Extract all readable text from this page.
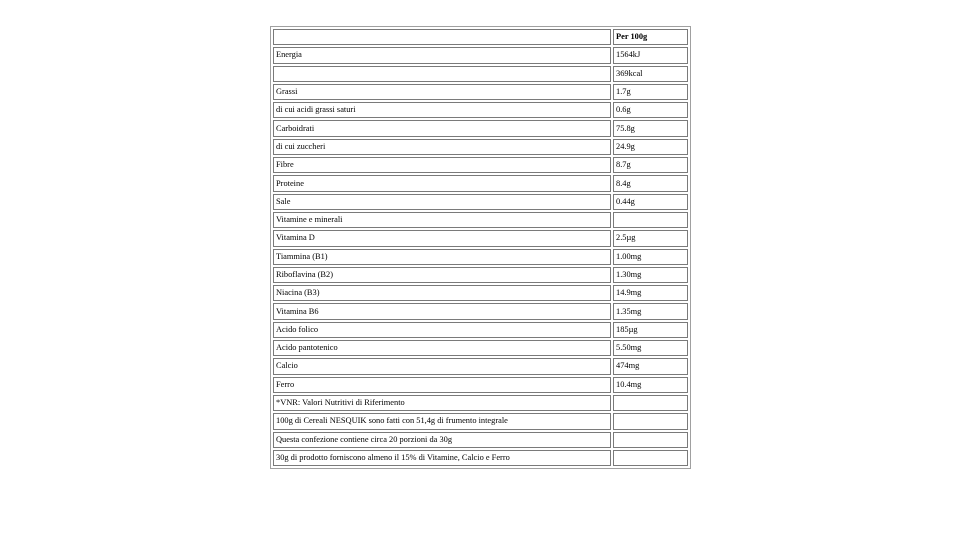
	Per 100g
Energia	1564kJ
	369kcal
Grassi	1.7g
di cui acidi grassi saturi	0.6g
Carboidrati	75.8g
di cui zuccheri	24.9g
Fibre	8.7g
Proteine	8.4g
Sale	0.44g
Vitamine e minerali	
Vitamina D	2.5µg
Tiammina (B1)	1.00mg
Riboflavina (B2)	1.30mg
Niacina (B3)	14.9mg
Vitamina B6	1.35mg
Acido folico	185µg
Acido pantotenico	5.50mg
Calcio	474mg
Ferro	10.4mg
*VNR: Valori Nutritivi di Riferimento	
100g di Cereali NESQUIK sono fatti con 51,4g di frumento integrale	
Questa confezione contiene circa 20 porzioni da 30g	
30g di prodotto forniscono almeno il 15% di Vitamine, Calcio e Ferro	
